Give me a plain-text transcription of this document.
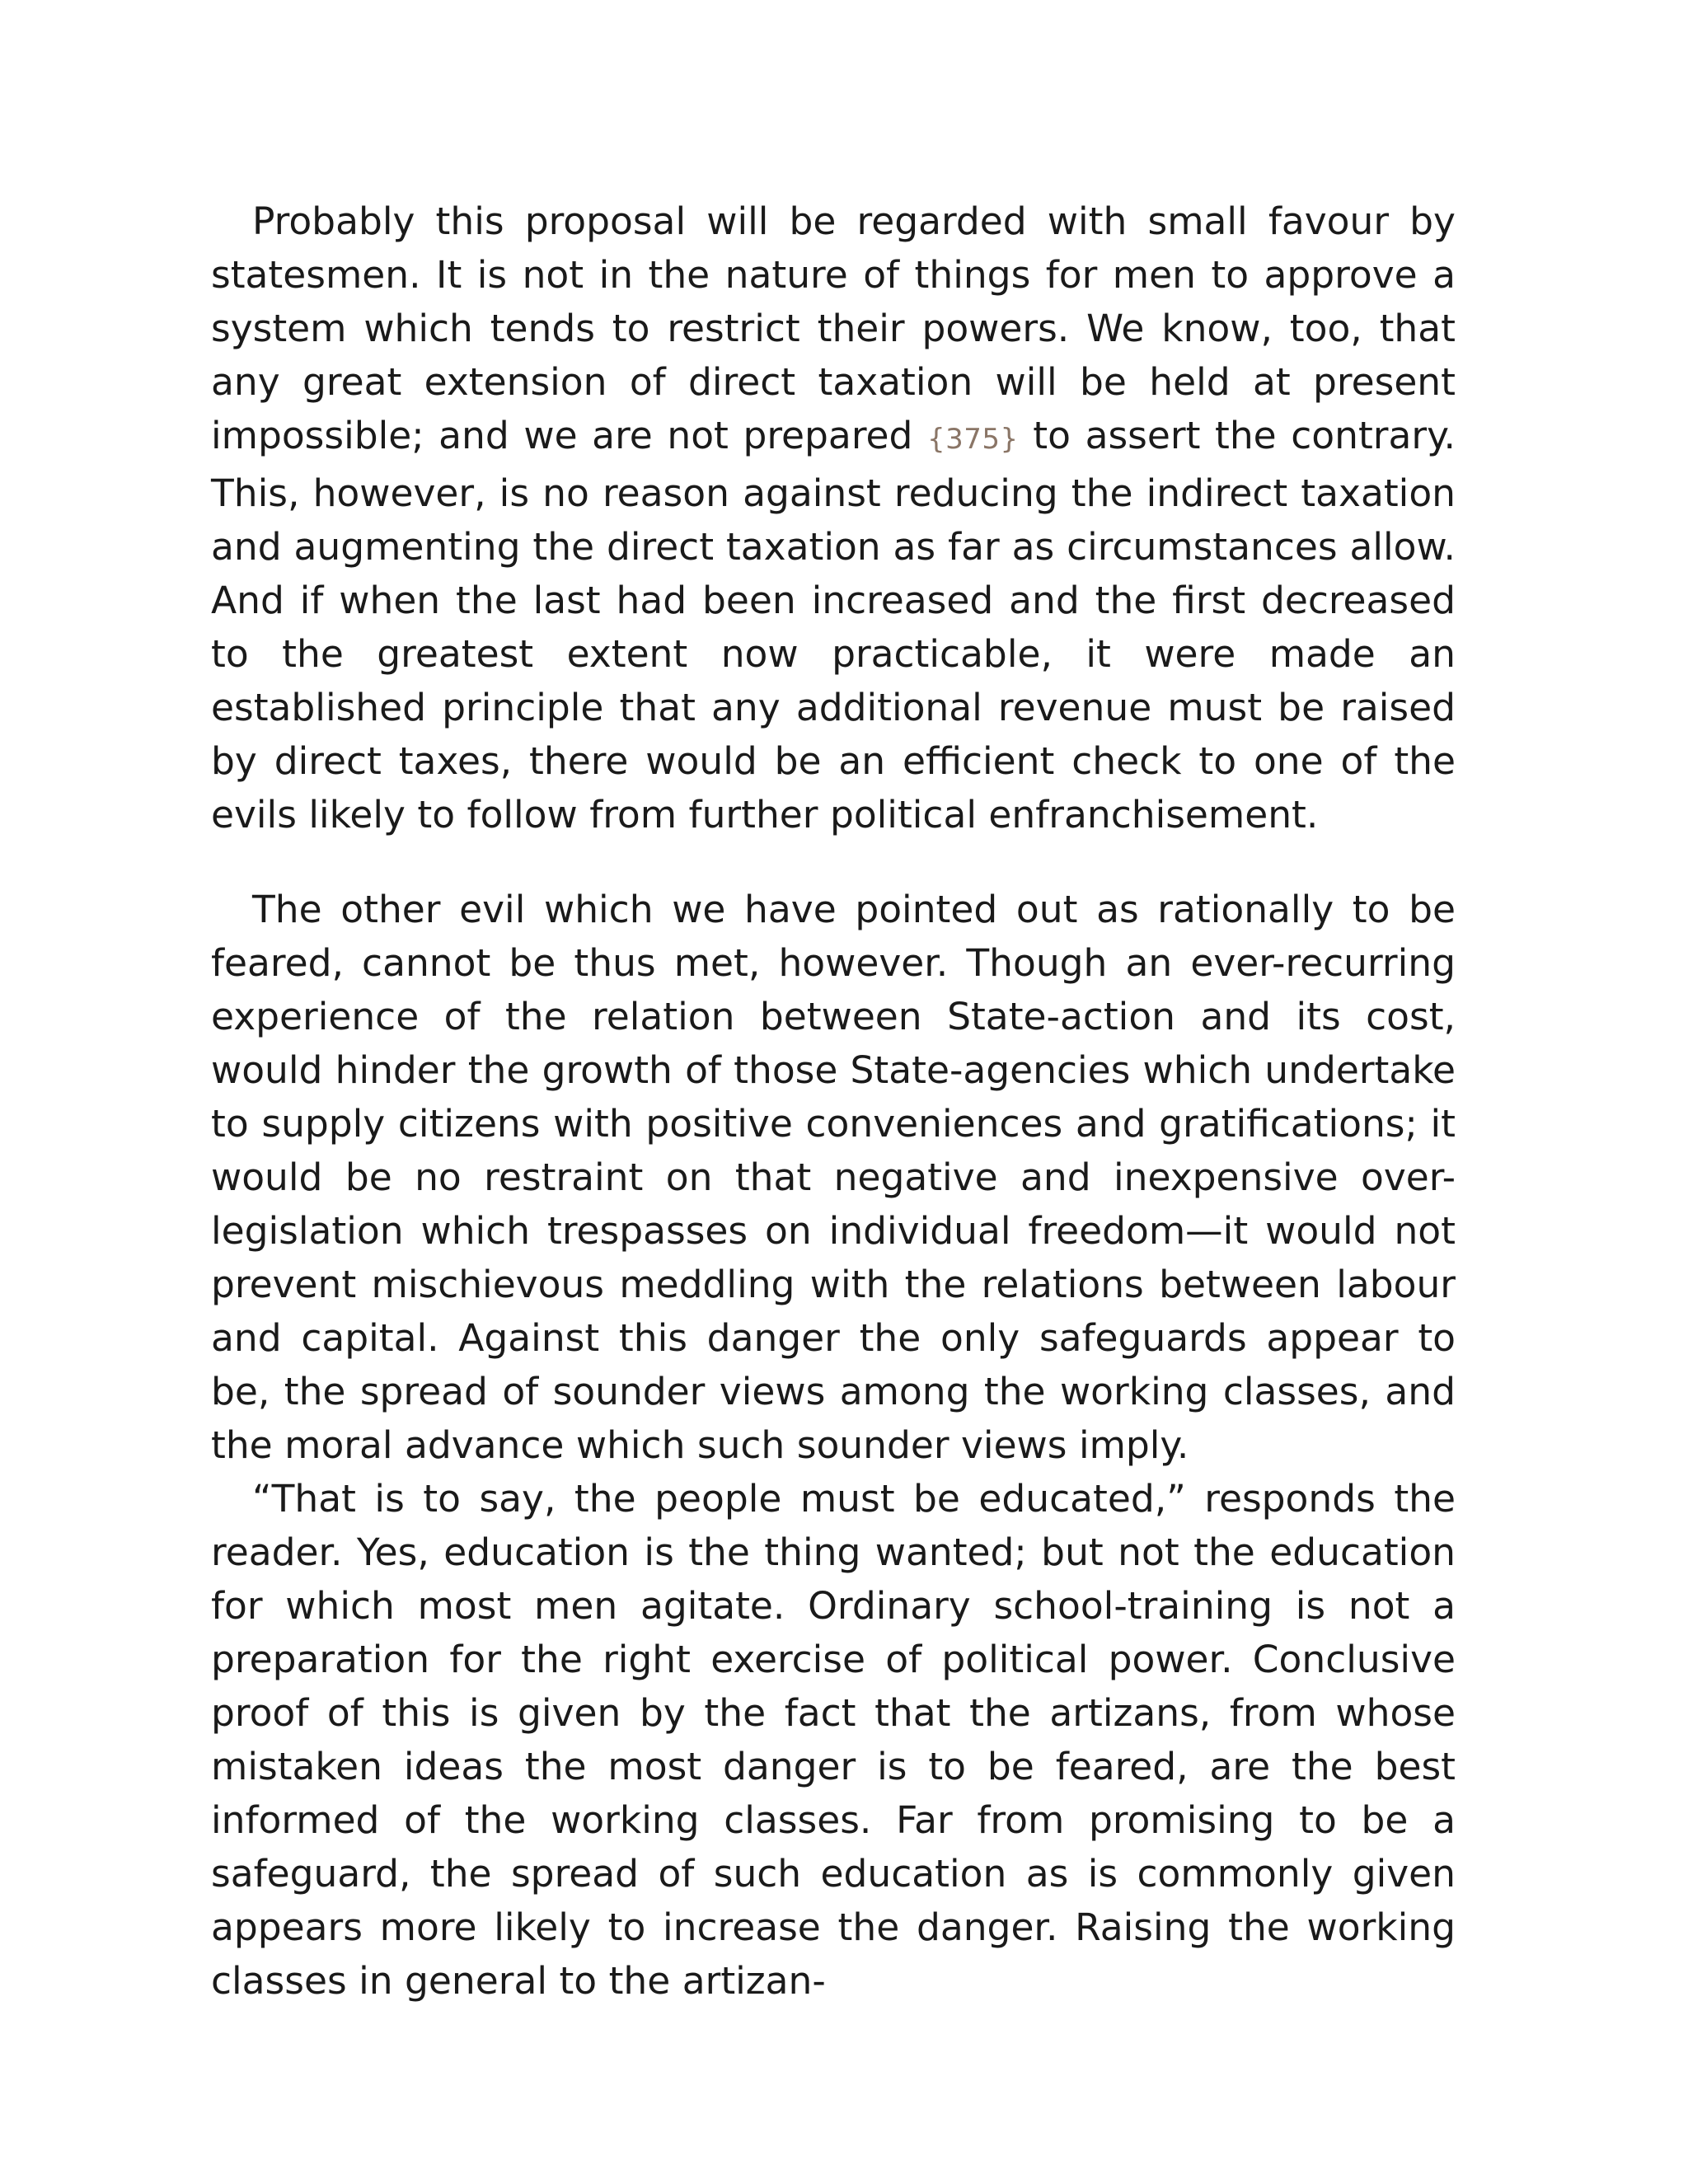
Probably this proposal will be regarded with small favour by statesmen. It is not in the nature of things for men to approve a system which tends to restrict their powers. We know, too, that any great extension of direct taxation will be held at present impossible; and we are not prepared {375} to assert the contrary. This, however, is no reason against reducing the indirect taxation and augmenting the direct taxation as far as circumstances allow. And if when the last had been increased and the first decreased to the greatest extent now practicable, it were made an established principle that any additional revenue must be raised by direct taxes, there would be an efficient check to one of the evils likely to follow from further political enfranchisement.

The other evil which we have pointed out as rationally to be feared, cannot be thus met, however. Though an ever-recurring experience of the relation between State-action and its cost, would hinder the growth of those State-agencies which undertake to supply citizens with positive conveniences and gratifications; it would be no restraint on that negative and inexpensive over-legislation which trespasses on individual freedom—it would not prevent mischievous meddling with the relations between labour and capital. Against this danger the only safeguards appear to be, the spread of sounder views among the working classes, and the moral advance which such sounder views imply.

“That is to say, the people must be educated,” responds the reader. Yes, education is the thing wanted; but not the education for which most men agitate. Ordinary school-training is not a preparation for the right exercise of political power. Conclusive proof of this is given by the fact that the artizans, from whose mistaken ideas the most danger is to be feared, are the best informed of the working classes. Far from promising to be a safeguard, the spread of such education as is commonly given appears more likely to increase the danger. Raising the working classes in general to the artizan-
